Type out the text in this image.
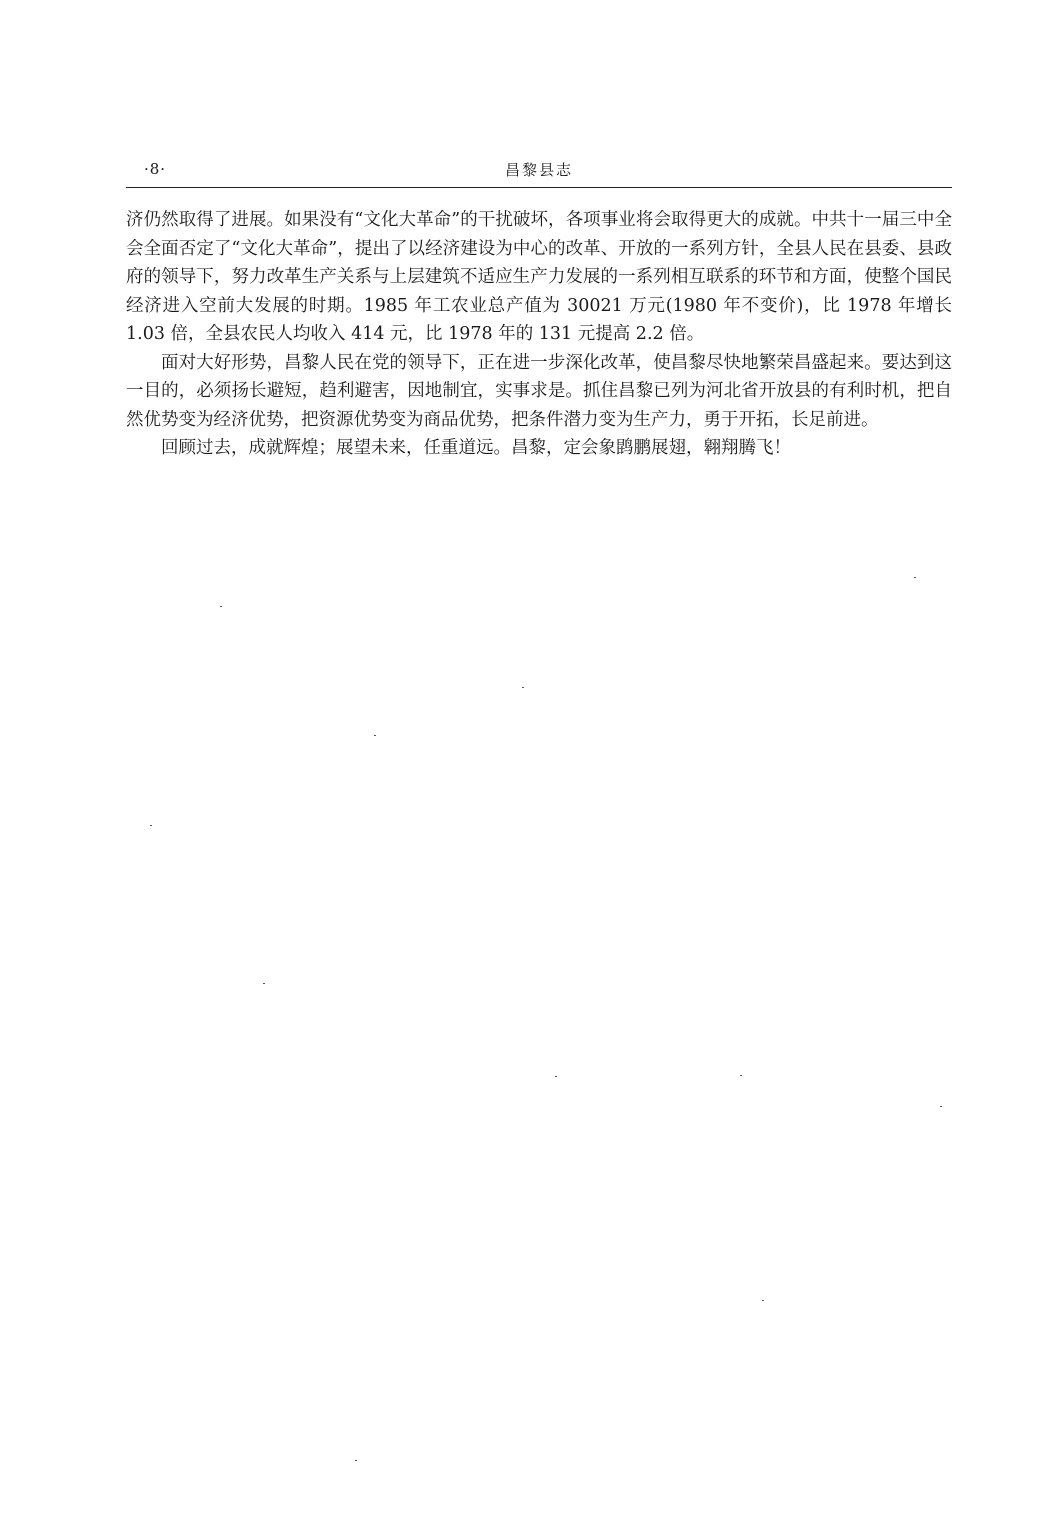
·8·	昌黎县志

济仍然取得了进展。如果没有“文化大革命”的干扰破坏，各项事业将会取得更大的成就。中共十一届三中全会全面否定了“文化大革命”，提出了以经济建设为中心的改革、开放的一系列方针，全县人民在县委、县政府的领导下，努力改革生产关系与上层建筑不适应生产力发展的一系列相互联系的环节和方面，使整个国民经济进入空前大发展的时期。1985 年工农业总产值为 30021 万元(1980 年不变价)，比 1978 年增长 1.03 倍，全县农民人均收入 414 元，比 1978 年的 131 元提高 2.2 倍。

面对大好形势，昌黎人民在党的领导下，正在进一步深化改革，使昌黎尽快地繁荣昌盛起来。要达到这一目的，必须扬长避短，趋利避害，因地制宜，实事求是。抓住昌黎已列为河北省开放县的有利时机，把自然优势变为经济优势，把资源优势变为商品优势，把条件潜力变为生产力，勇于开拓，长足前进。

回顾过去，成就辉煌；展望未来，任重道远。昌黎，定会象鹍鹏展翅，翱翔腾飞！
